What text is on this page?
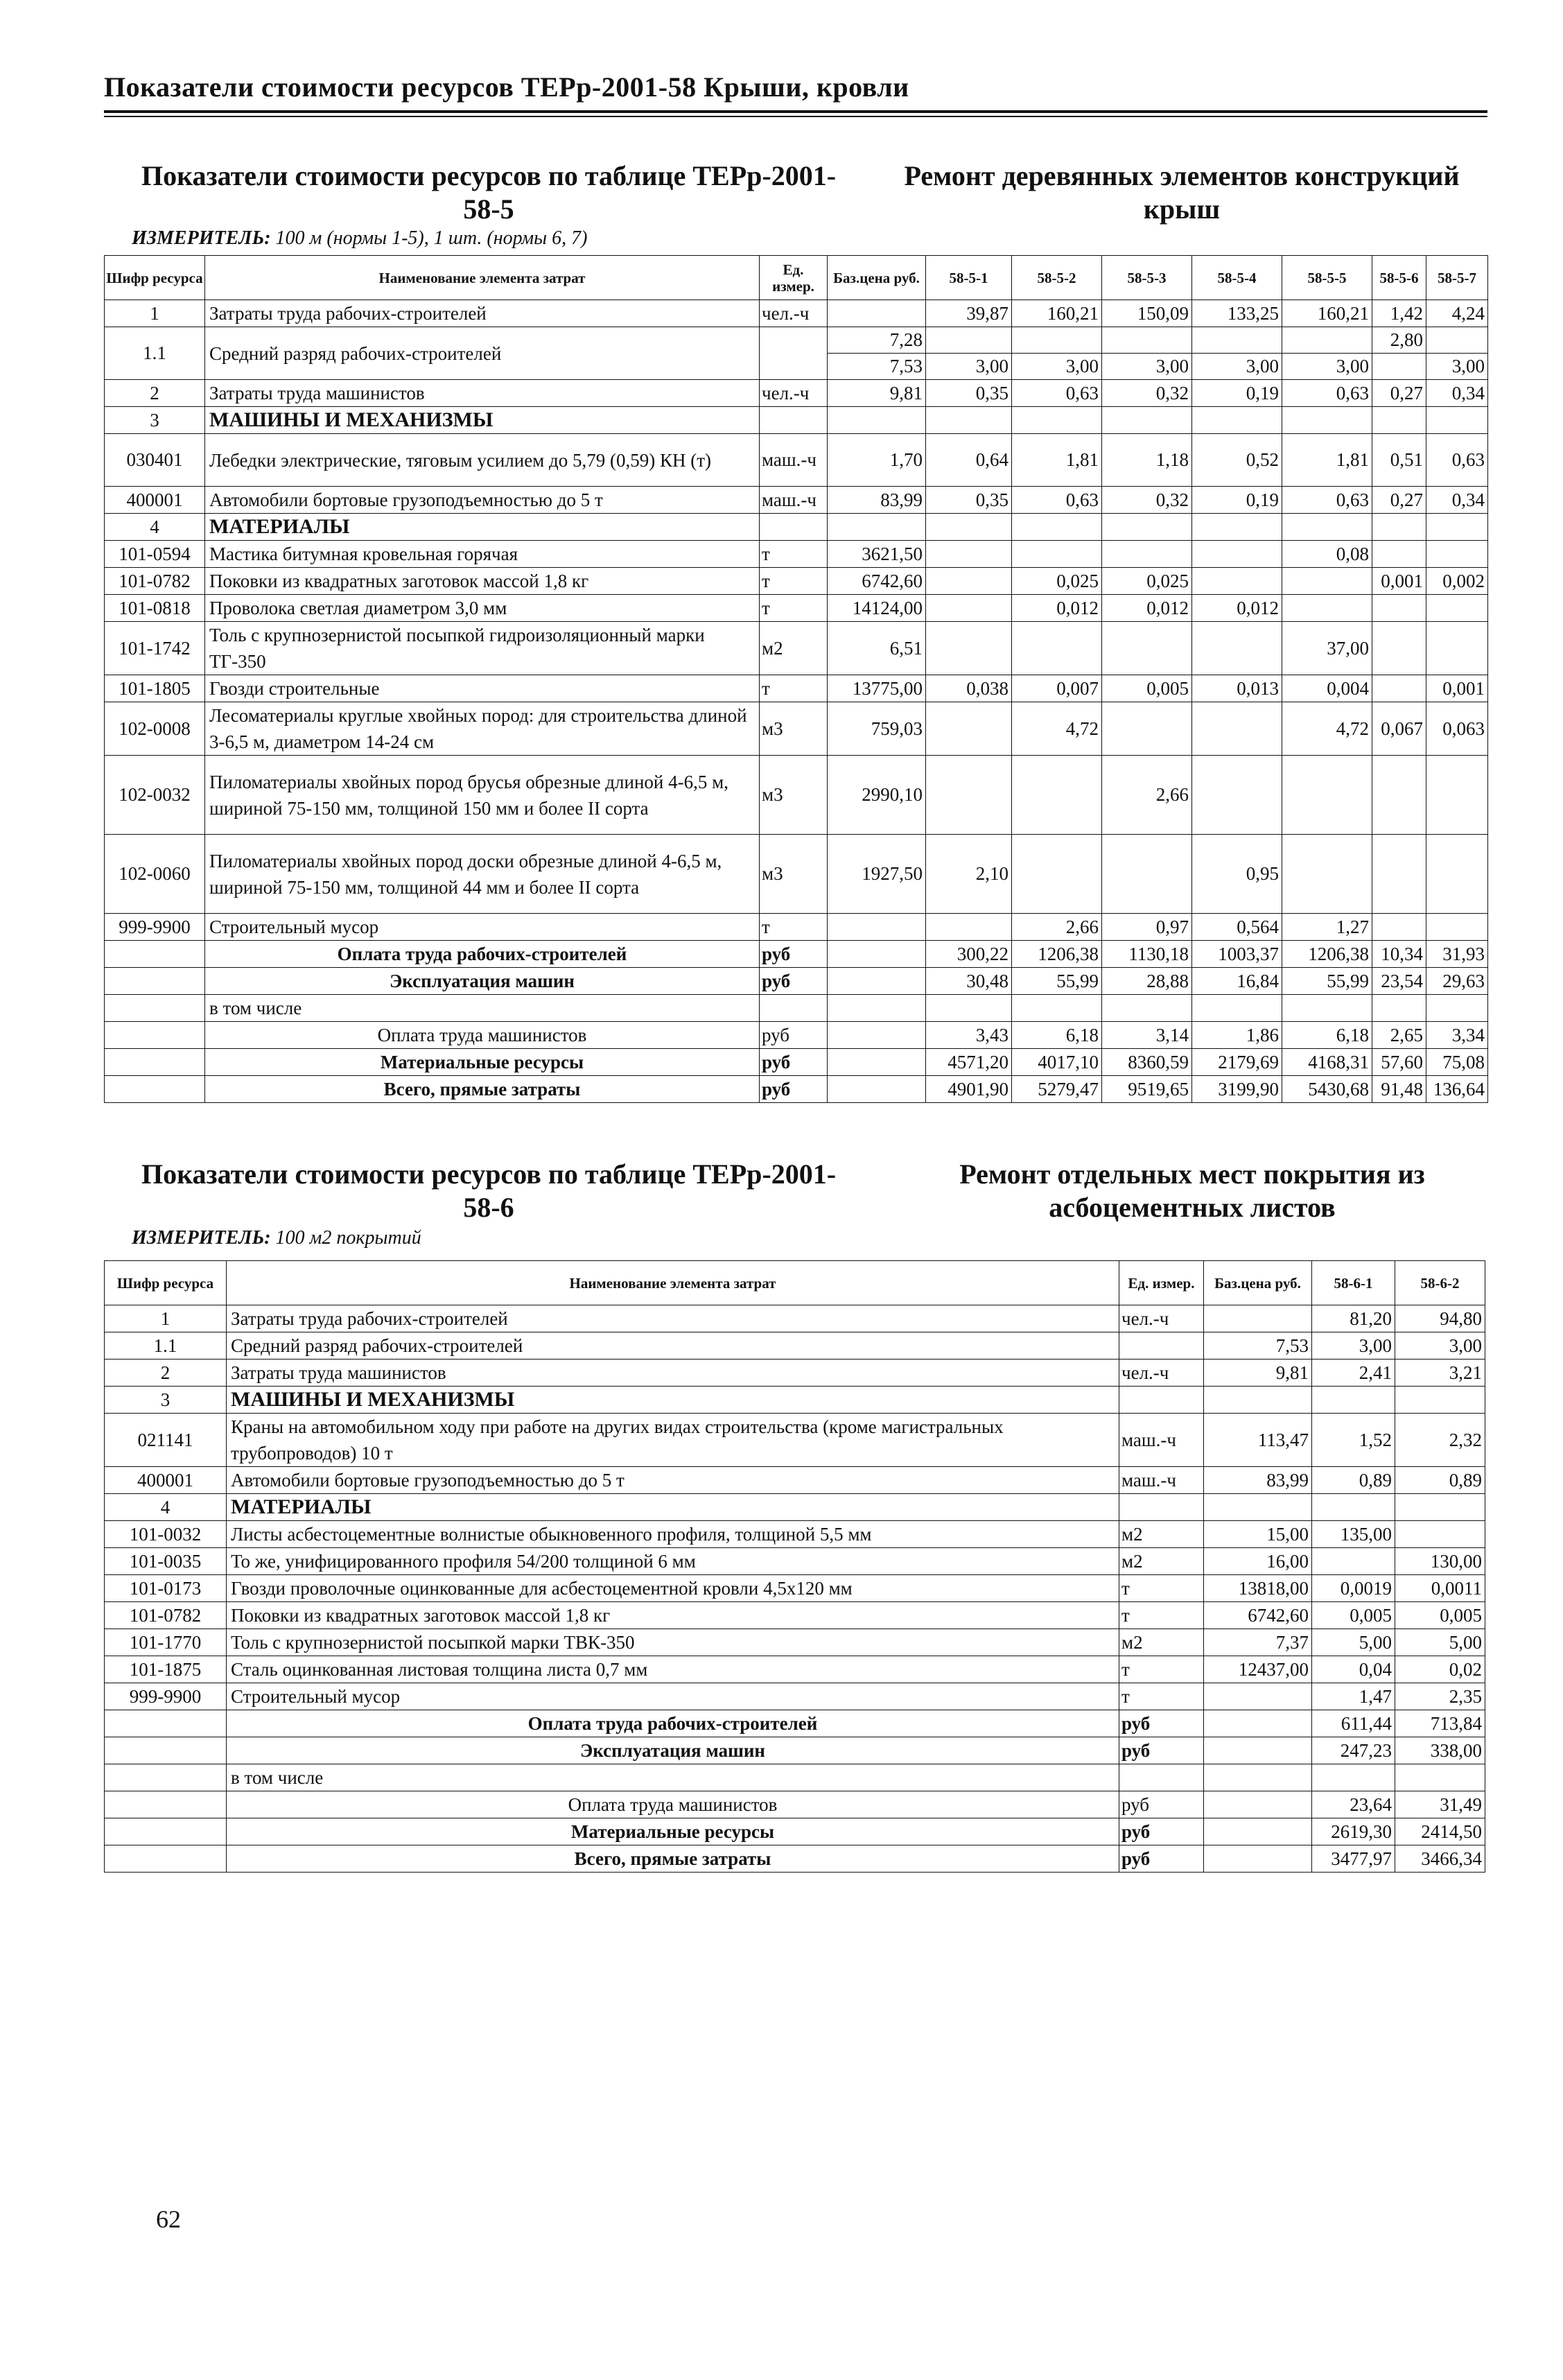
Показатели стоимости ресурсов ТЕРр-2001-58 Крыши, кровли
Показатели стоимости ресурсов по таблице ТЕРр-2001-
58-5
Ремонт деревянных элементов конструкций
крыш
ИЗМЕРИТЕЛЬ: 100 м (нормы 1-5), 1 шт. (нормы 6, 7)
Шифр ресурса	Наименование элемента затрат	Ед. измер.	Баз.цена руб.	58-5-1	58-5-2	58-5-3	58-5-4	58-5-5	58-5-6	58-5-7
1	Затраты труда рабочих-строителей	чел.-ч		39,87	160,21	150,09	133,25	160,21	1,42	4,24
1.1	Средний разряд рабочих-строителей		7,28						2,80	
			7,53	3,00	3,00	3,00	3,00	3,00		3,00
2	Затраты труда машинистов	чел.-ч	9,81	0,35	0,63	0,32	0,19	0,63	0,27	0,34
3	МАШИНЫ И МЕХАНИЗМЫ									
030401	Лебедки электрические, тяговым усилием до 5,79 (0,59) КН (т)	маш.-ч	1,70	0,64	1,81	1,18	0,52	1,81	0,51	0,63
400001	Автомобили бортовые грузоподъемностью до 5 т	маш.-ч	83,99	0,35	0,63	0,32	0,19	0,63	0,27	0,34
4	МАТЕРИАЛЫ									
101-0594	Мастика битумная кровельная горячая	т	3621,50					0,08		
101-0782	Поковки из квадратных заготовок массой 1,8 кг	т	6742,60		0,025	0,025			0,001	0,002
101-0818	Проволока светлая диаметром 3,0 мм	т	14124,00		0,012	0,012	0,012			
101-1742	Толь с крупнозернистой посыпкой гидроизоляционный марки ТГ-350	м2	6,51					37,00		
101-1805	Гвозди строительные	т	13775,00	0,038	0,007	0,005	0,013	0,004		0,001
102-0008	Лесоматериалы круглые хвойных пород: для строительства длиной 3-6,5 м, диаметром 14-24 см	м3	759,03		4,72			4,72	0,067	0,063
102-0032	Пиломатериалы хвойных пород брусья обрезные длиной 4-6,5 м, шириной 75-150 мм, толщиной 150 мм и более II сорта	м3	2990,10			2,66				
102-0060	Пиломатериалы хвойных пород доски обрезные длиной 4-6,5 м, шириной 75-150 мм, толщиной 44 мм и более II сорта	м3	1927,50	2,10			0,95			
999-9900	Строительный мусор	т			2,66	0,97	0,564	1,27		
	Оплата труда рабочих-строителей	руб		300,22	1206,38	1130,18	1003,37	1206,38	10,34	31,93
	Эксплуатация машин	руб		30,48	55,99	28,88	16,84	55,99	23,54	29,63
	в том числе									
	Оплата труда машинистов	руб		3,43	6,18	3,14	1,86	6,18	2,65	3,34
	Материальные ресурсы	руб		4571,20	4017,10	8360,59	2179,69	4168,31	57,60	75,08
	Всего, прямые затраты	руб		4901,90	5279,47	9519,65	3199,90	5430,68	91,48	136,64
Показатели стоимости ресурсов по таблице ТЕРр-2001-
58-6
Ремонт отдельных мест покрытия из
асбоцементных листов
ИЗМЕРИТЕЛЬ: 100 м2 покрытий
Шифр ресурса	Наименование элемента затрат	Ед. измер.	Баз.цена руб.	58-6-1	58-6-2
1	Затраты труда рабочих-строителей	чел.-ч		81,20	94,80
1.1	Средний разряд рабочих-строителей		7,53	3,00	3,00
2	Затраты труда машинистов	чел.-ч	9,81	2,41	3,21
3	МАШИНЫ И МЕХАНИЗМЫ				
021141	Краны на автомобильном ходу при работе на других видах строительства (кроме магистральных трубопроводов) 10 т	маш.-ч	113,47	1,52	2,32
400001	Автомобили бортовые грузоподъемностью до 5 т	маш.-ч	83,99	0,89	0,89
4	МАТЕРИАЛЫ				
101-0032	Листы асбестоцементные волнистые обыкновенного профиля, толщиной 5,5 мм	м2	15,00	135,00	
101-0035	То же, унифицированного профиля 54/200 толщиной 6 мм	м2	16,00		130,00
101-0173	Гвозди проволочные оцинкованные для асбестоцементной кровли 4,5х120 мм	т	13818,00	0,0019	0,0011
101-0782	Поковки из квадратных заготовок массой 1,8 кг	т	6742,60	0,005	0,005
101-1770	Толь с крупнозернистой посыпкой марки ТВК-350	м2	7,37	5,00	5,00
101-1875	Сталь оцинкованная листовая толщина листа 0,7 мм	т	12437,00	0,04	0,02
999-9900	Строительный мусор	т		1,47	2,35
	Оплата труда рабочих-строителей	руб		611,44	713,84
	Эксплуатация машин	руб		247,23	338,00
	в том числе				
	Оплата труда машинистов	руб		23,64	31,49
	Материальные ресурсы	руб		2619,30	2414,50
	Всего, прямые затраты	руб		3477,97	3466,34
62
